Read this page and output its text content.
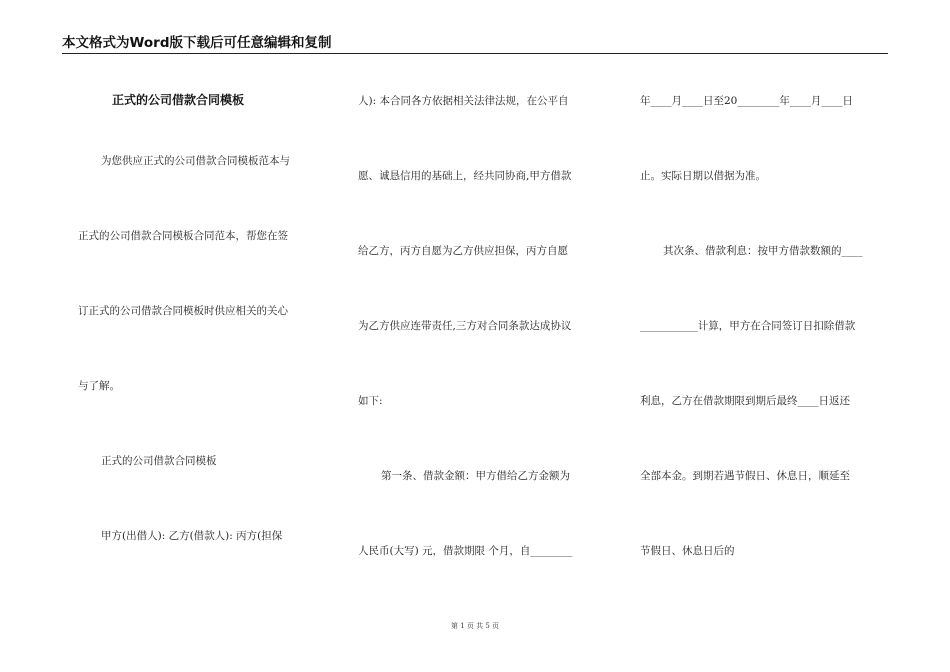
本文格式为Word版下载后可任意编辑和复制
正式的公司借款合同模板
为您供应正式的公司借款合同模板范本与
正式的公司借款合同模板合同范本，帮您在签
订正式的公司借款合同模板时供应相关的关心
与了解。
正式的公司借款合同模板
甲方(出借人): 乙方(借款人): 丙方(担保
人): 本合同各方依据相关法律法规，在公平自
愿、诚恳信用的基础上，经共同协商,甲方借款
给乙方，丙方自愿为乙方供应担保，丙方自愿
为乙方供应连带责任,三方对合同条款达成协议
如下:
第一条、借款金额：甲方借给乙方金额为
人民币(大写) 元，借款期限 个月，自________
年____月____日至20________年____月____日
止。实际日期以借据为准。
其次条、借款利息：按甲方借款数额的____
___________计算，甲方在合同签订日扣除借款
利息，乙方在借款期限到期后最终____日返还
全部本金。到期若遇节假日、休息日，顺延至
节假日、休息日后的
第 1 页 共 5 页
